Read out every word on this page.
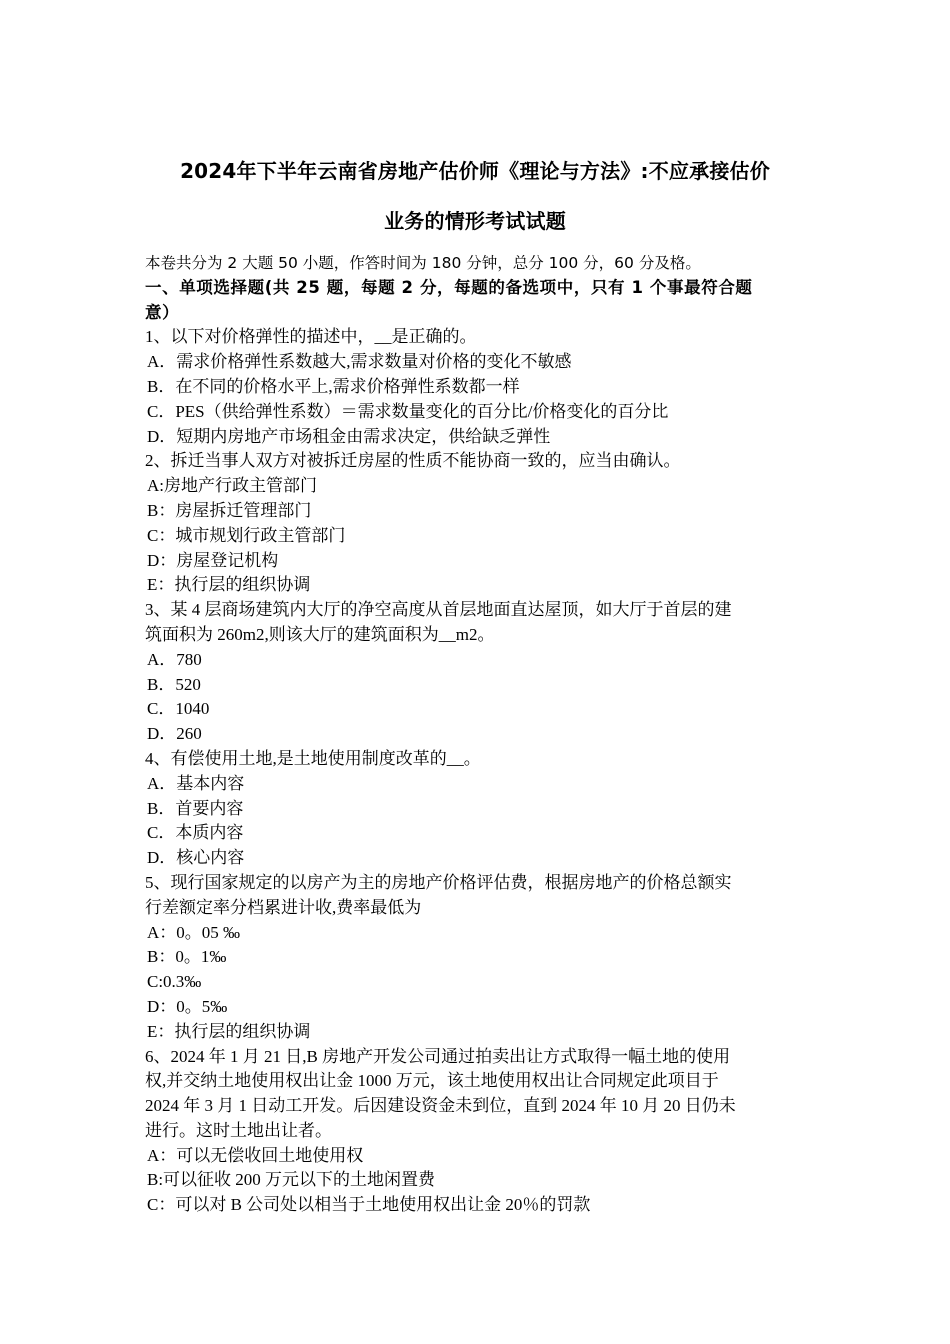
2024年下半年云南省房地产估价师《理论与方法》:不应承接估价
业务的情形考试试题
本卷共分为 2 大题 50 小题，作答时间为 180 分钟，总分 100 分，60 分及格。
一、单项选择题(共 25 题，每题 2 分，每题的备选项中，只有 1 个事最符合题
意）
1、以下对价格弹性的描述中，__是正确的。
A．需求价格弹性系数越大,需求数量对价格的变化不敏感
B．在不同的价格水平上,需求价格弹性系数都一样
C．PES（供给弹性系数）＝需求数量变化的百分比/价格变化的百分比
D．短期内房地产市场租金由需求决定，供给缺乏弹性
2、拆迁当事人双方对被拆迁房屋的性质不能协商一致的，应当由确认。
A:房地产行政主管部门
B：房屋拆迁管理部门
C：城市规划行政主管部门
D：房屋登记机构
E：执行层的组织协调
3、某 4 层商场建筑内大厅的净空高度从首层地面直达屋顶，如大厅于首层的建
筑面积为 260m2,则该大厅的建筑面积为__m2。
A．780
B．520
C．1040
D．260
4、有偿使用土地,是土地使用制度改革的__。
A．基本内容
B．首要内容
C．本质内容
D．核心内容
5、现行国家规定的以房产为主的房地产价格评估费，根据房地产的价格总额实
行差额定率分档累进计收,费率最低为
A：0。05 ‰
B：0。1‰
C:0.3‰
D：0。5‰
E：执行层的组织协调
6、2024 年 1 月 21 日,B 房地产开发公司通过拍卖出让方式取得一幅土地的使用
权,并交纳土地使用权出让金 1000 万元，该土地使用权出让合同规定此项目于
2024 年 3 月 1 日动工开发。后因建设资金未到位，直到 2024 年 10 月 20 日仍未
进行。这时土地出让者。
A：可以无偿收回土地使用权
B:可以征收 200 万元以下的土地闲置费
C：可以对 B 公司处以相当于土地使用权出让金 20％的罚款
